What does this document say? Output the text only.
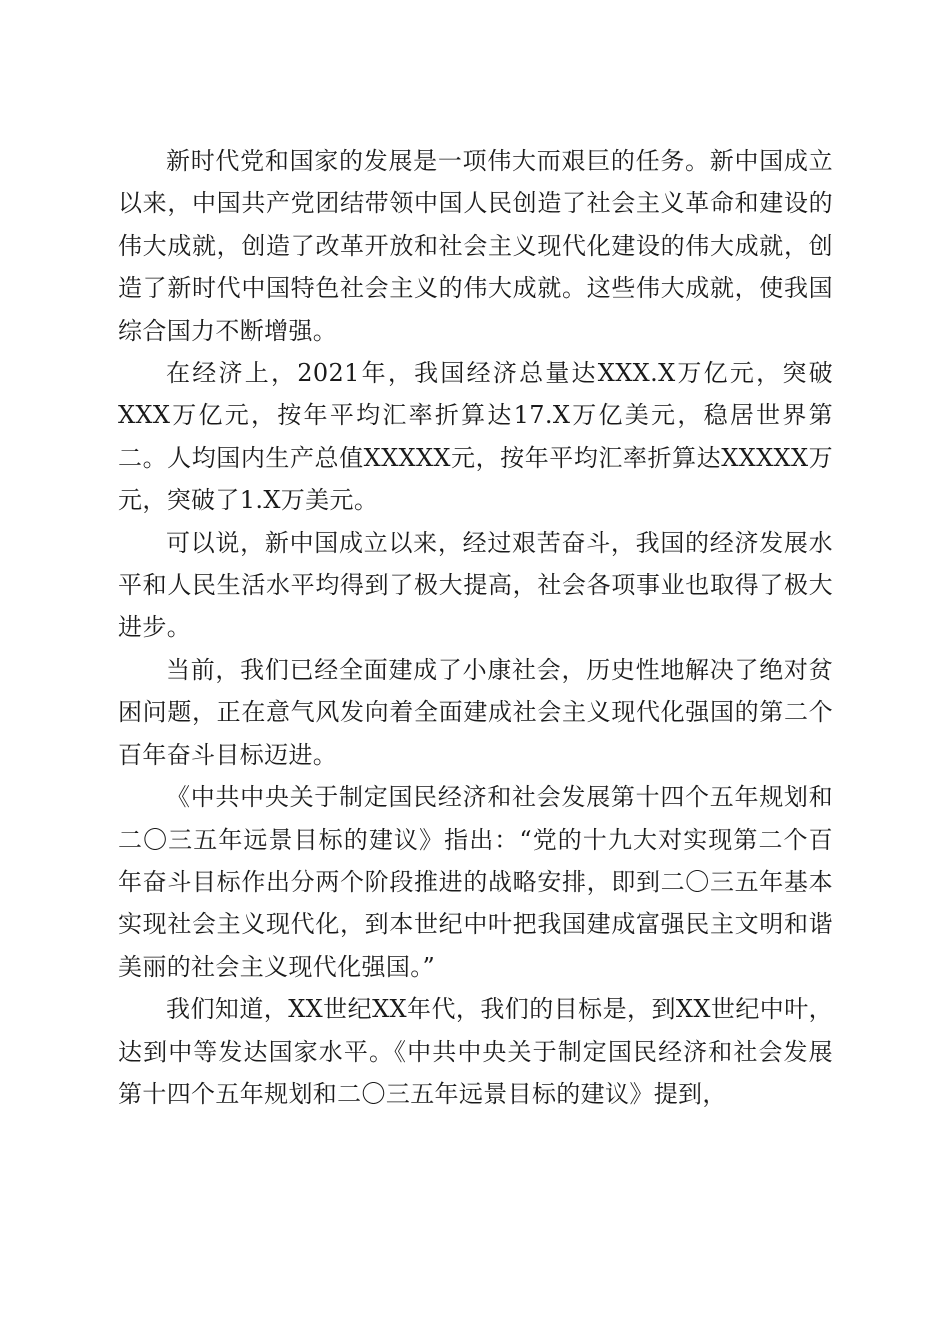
新时代党和国家的发展是一项伟大而艰巨的任务。新中国成立以来，中国共产党团结带领中国人民创造了社会主义革命和建设的伟大成就，创造了改革开放和社会主义现代化建设的伟大成就，创造了新时代中国特色社会主义的伟大成就。这些伟大成就，使我国综合国力不断增强。

在经济上，2021年，我国经济总量达XXX.X万亿元，突破XXX万亿元，按年平均汇率折算达17.X万亿美元，稳居世界第二。人均国内生产总值XXXXX元，按年平均汇率折算达XXXXX万元，突破了1.X万美元。

可以说，新中国成立以来，经过艰苦奋斗，我国的经济发展水平和人民生活水平均得到了极大提高，社会各项事业也取得了极大进步。

当前，我们已经全面建成了小康社会，历史性地解决了绝对贫困问题，正在意气风发向着全面建成社会主义现代化强国的第二个百年奋斗目标迈进。

《中共中央关于制定国民经济和社会发展第十四个五年规划和二〇三五年远景目标的建议》指出：“党的十九大对实现第二个百年奋斗目标作出分两个阶段推进的战略安排，即到二〇三五年基本实现社会主义现代化，到本世纪中叶把我国建成富强民主文明和谐美丽的社会主义现代化强国。”

我们知道，XX世纪XX年代，我们的目标是，到XX世纪中叶，达到中等发达国家水平。《中共中央关于制定国民经济和社会发展第十四个五年规划和二〇三五年远景目标的建议》提到，
